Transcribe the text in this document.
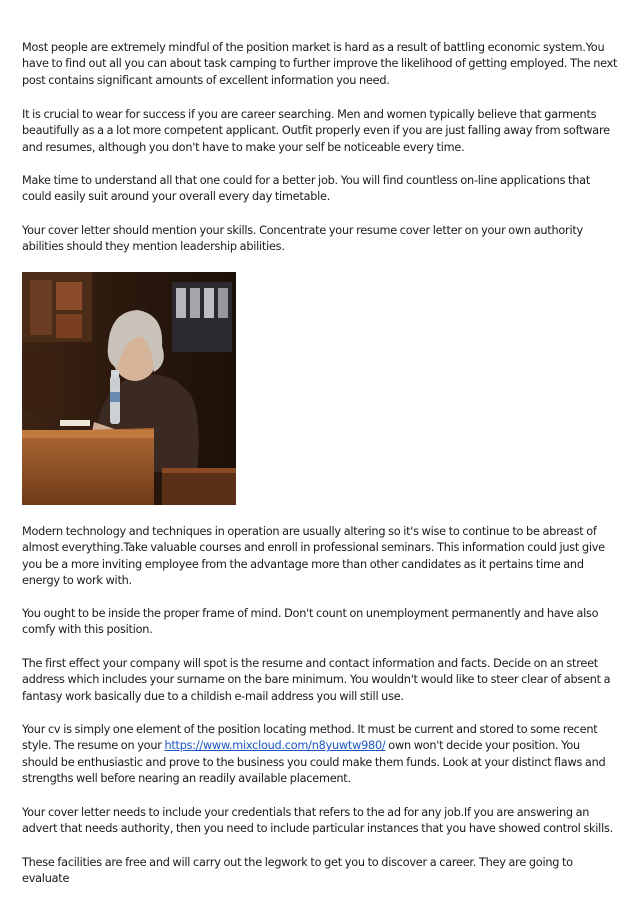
Most people are extremely mindful of the position market is hard as a result of battling economic system.You have to find out all you can about task camping to further improve the likelihood of getting employed. The next post contains significant amounts of excellent information you need.

It is crucial to wear for success if you are career searching. Men and women typically believe that garments beautifully as a a lot more competent applicant. Outfit properly even if you are just falling away from software and resumes, although you don't have to make your self be noticeable every time.

Make time to understand all that one could for a better job. You will find countless on-line applications that could easily suit around your overall every day timetable.

Your cover letter should mention your skills. Concentrate your resume cover letter on your own authority abilities should they mention leadership abilities.

Modern technology and techniques in operation are usually altering so it's wise to continue to be abreast of almost everything.Take valuable courses and enroll in professional seminars. This information could just give you be a more inviting employee from the advantage more than other candidates as it pertains time and energy to work with.

You ought to be inside the proper frame of mind. Don't count on unemployment permanently and have also comfy with this position.

The first effect your company will spot is the resume and contact information and facts. Decide on an street address which includes your surname on the bare minimum. You wouldn't would like to steer clear of absent a fantasy work basically due to a childish e-mail address you will still use.

Your cv is simply one element of the position locating method. It must be current and stored to some recent style. The resume on your https://www.mixcloud.com/n8yuwtw980/ own won't decide your position. You should be enthusiastic and prove to the business you could make them funds. Look at your distinct flaws and strengths well before nearing an readily available placement.

Your cover letter needs to include your credentials that refers to the ad for any job.If you are answering an advert that needs authority, then you need to include particular instances that you have showed control skills.

These facilities are free and will carry out the legwork to get you to discover a career. They are going to evaluate
